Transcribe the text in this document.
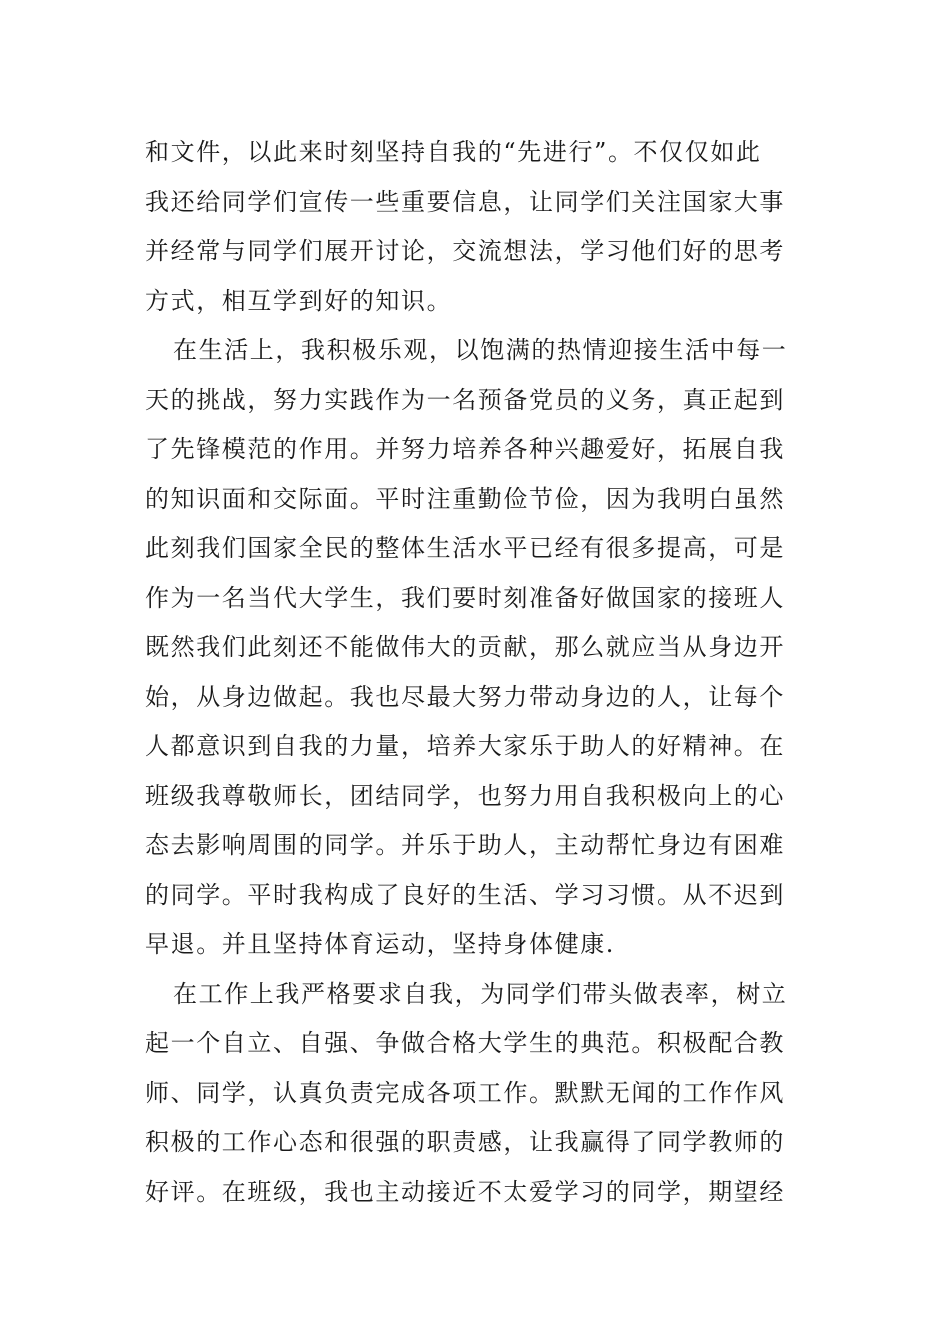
和文件，以此来时刻坚持自我的“先进行”。不仅仅如此
我还给同学们宣传一些重要信息，让同学们关注国家大事
并经常与同学们展开讨论，交流想法，学习他们好的思考
方式，相互学到好的知识。
在生活上，我积极乐观，以饱满的热情迎接生活中每一
天的挑战，努力实践作为一名预备党员的义务，真正起到
了先锋模范的作用。并努力培养各种兴趣爱好，拓展自我
的知识面和交际面。平时注重勤俭节俭，因为我明白虽然
此刻我们国家全民的整体生活水平已经有很多提高，可是
作为一名当代大学生，我们要时刻准备好做国家的接班人
既然我们此刻还不能做伟大的贡献，那么就应当从身边开
始，从身边做起。我也尽最大努力带动身边的人，让每个
人都意识到自我的力量，培养大家乐于助人的好精神。在
班级我尊敬师长，团结同学，也努力用自我积极向上的心
态去影响周围的同学。并乐于助人，主动帮忙身边有困难
的同学。平时我构成了良好的生活、学习习惯。从不迟到
早退。并且坚持体育运动，坚持身体健康.
在工作上我严格要求自我，为同学们带头做表率，树立
起一个自立、自强、争做合格大学生的典范。积极配合教
师、同学，认真负责完成各项工作。默默无闻的工作作风
积极的工作心态和很强的职责感，让我赢得了同学教师的
好评。在班级，我也主动接近不太爱学习的同学，期望经
